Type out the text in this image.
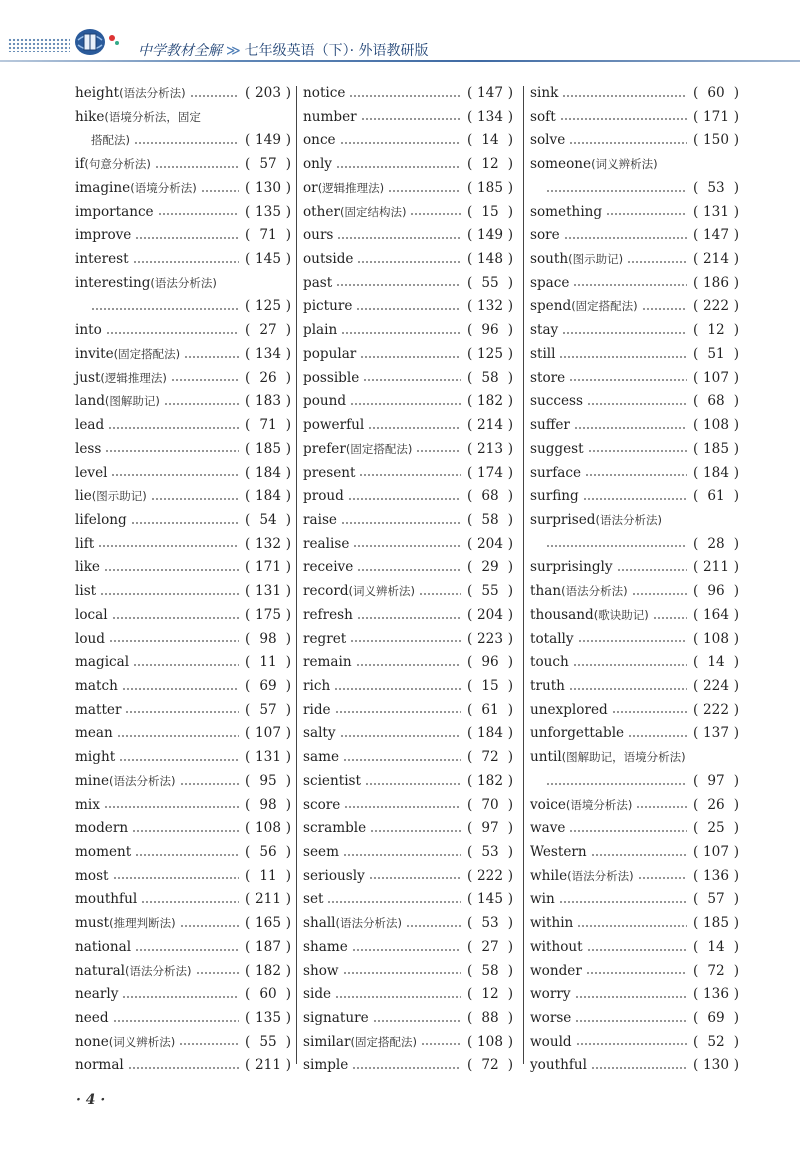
中学教材全解 ≫ 七年级英语（下）· 外语教研版
height(语法分析法)	( 203 )
hike(语境分析法，固定
搭配法)	( 149 )
if(句意分析法)	( 57 )
imagine(语境分析法)	( 130 )
importance	( 135 )
improve	( 71 )
interest	( 145 )
interesting(语法分析法)
( 125 )
into	( 27 )
invite(固定搭配法)	( 134 )
just(逻辑推理法)	( 26 )
land(图解助记)	( 183 )
lead	( 71 )
less	( 185 )
level	( 184 )
lie(图示助记)	( 184 )
lifelong	( 54 )
lift	( 132 )
like	( 171 )
list	( 131 )
local	( 175 )
loud	( 98 )
magical	( 11 )
match	( 69 )
matter	( 57 )
mean	( 107 )
might	( 131 )
mine(语法分析法)	( 95 )
mix	( 98 )
modern	( 108 )
moment	( 56 )
most	( 11 )
mouthful	( 211 )
must(推理判断法)	( 165 )
national	( 187 )
natural(语法分析法)	( 182 )
nearly	( 60 )
need	( 135 )
none(词义辨析法)	( 55 )
normal	( 211 )
notice	( 147 )
number	( 134 )
once	( 14 )
only	( 12 )
or(逻辑推理法)	( 185 )
other(固定结构法)	( 15 )
ours	( 149 )
outside	( 148 )
past	( 55 )
picture	( 132 )
plain	( 96 )
popular	( 125 )
possible	( 58 )
pound	( 182 )
powerful	( 214 )
prefer(固定搭配法)	( 213 )
present	( 174 )
proud	( 68 )
raise	( 58 )
realise	( 204 )
receive	( 29 )
record(词义辨析法)	( 55 )
refresh	( 204 )
regret	( 223 )
remain	( 96 )
rich	( 15 )
ride	( 61 )
salty	( 184 )
same	( 72 )
scientist	( 182 )
score	( 70 )
scramble	( 97 )
seem	( 53 )
seriously	( 222 )
set	( 145 )
shall(语法分析法)	( 53 )
shame	( 27 )
show	( 58 )
side	( 12 )
signature	( 88 )
similar(固定搭配法)	( 108 )
simple	( 72 )
sink	( 60 )
soft	( 171 )
solve	( 150 )
someone(词义辨析法)
( 53 )
something	( 131 )
sore	( 147 )
south(图示助记)	( 214 )
space	( 186 )
spend(固定搭配法)	( 222 )
stay	( 12 )
still	( 51 )
store	( 107 )
success	( 68 )
suffer	( 108 )
suggest	( 185 )
surface	( 184 )
surfing	( 61 )
surprised(语法分析法)
( 28 )
surprisingly	( 211 )
than(语法分析法)	( 96 )
thousand(歌诀助记)	( 164 )
totally	( 108 )
touch	( 14 )
truth	( 224 )
unexplored	( 222 )
unforgettable	( 137 )
until(图解助记，语境分析法)
( 97 )
voice(语境分析法)	( 26 )
wave	( 25 )
Western	( 107 )
while(语法分析法)	( 136 )
win	( 57 )
within	( 185 )
without	( 14 )
wonder	( 72 )
worry	( 136 )
worse	( 69 )
would	( 52 )
youthful	( 130 )
· 4 ·
